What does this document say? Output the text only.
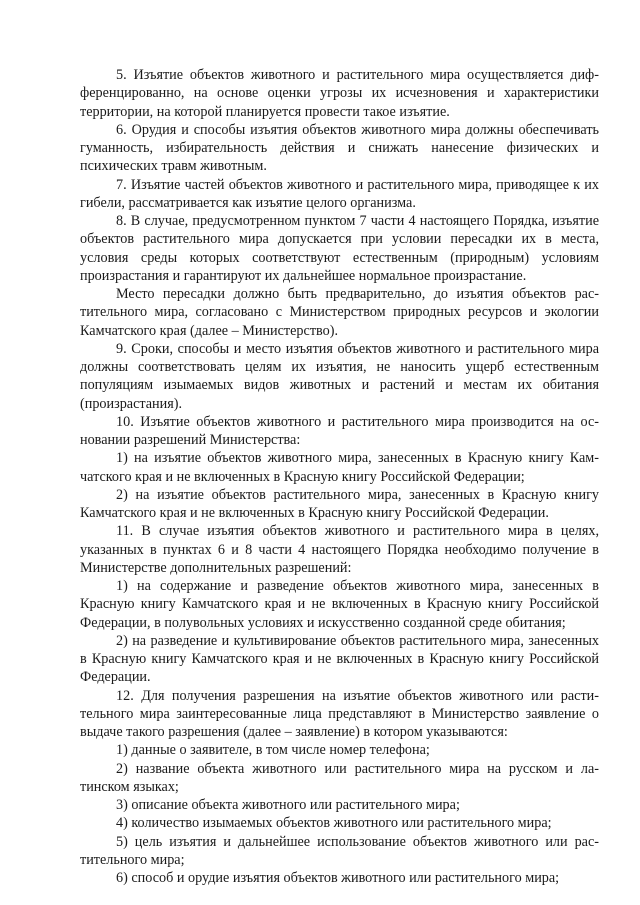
5. Изъятие объектов животного и растительного мира осуществляется дифференцированно, на основе оценки угрозы их исчезновения и характеристики территории, на которой планируется провести такое изъятие.

6. Орудия и способы изъятия объектов животного мира должны обеспечивать гуманность, избирательность действия и снижать нанесение физических и психических травм животным.

7. Изъятие частей объектов животного и растительного мира, приводящее к их гибели, рассматривается как изъятие целого организма.

8. В случае, предусмотренном пунктом 7 части 4 настоящего Порядка, изъятие объектов растительного мира допускается при условии пересадки их в места, условия среды которых соответствуют естественным (природным) условиям произрастания и гарантируют их дальнейшее нормальное произрастание.

Место пересадки должно быть предварительно, до изъятия объектов растительного мира, согласовано с Министерством природных ресурсов и экологии Камчатского края (далее – Министерство).

9. Сроки, способы и место изъятия объектов животного и растительного мира должны соответствовать целям их изъятия, не наносить ущерб естественным популяциям изымаемых видов животных и растений и местам их обитания (произрастания).

10. Изъятие объектов животного и растительного мира производится на основании разрешений Министерства:

1) на изъятие объектов животного мира, занесенных в Красную книгу Камчатского края и не включенных в Красную книгу Российской Федерации;

2) на изъятие объектов растительного мира, занесенных в Красную книгу Камчатского края и не включенных в Красную книгу Российской Федерации.

11. В случае изъятия объектов животного и растительного мира в целях, указанных в пунктах 6 и 8 части 4 настоящего Порядка необходимо получение в Министерстве дополнительных разрешений:

1) на содержание и разведение объектов животного мира, занесенных в Красную книгу Камчатского края и не включенных в Красную книгу Российской Федерации, в полувольных условиях и искусственно созданной среде обитания;

2) на разведение и культивирование объектов растительного мира, занесенных в Красную книгу Камчатского края и не включенных в Красную книгу Российской Федерации.

12. Для получения разрешения на изъятие объектов животного или растительного мира заинтересованные лица представляют в Министерство заявление о выдаче такого разрешения (далее – заявление) в котором указываются:

1) данные о заявителе, в том числе номер телефона;

2) название объекта животного или растительного мира на русском и латинском языках;

3) описание объекта животного или растительного мира;

4) количество изымаемых объектов животного или растительного мира;

5) цель изъятия и дальнейшее использование объектов животного или растительного мира;

6) способ и орудие изъятия объектов животного или растительного мира;
